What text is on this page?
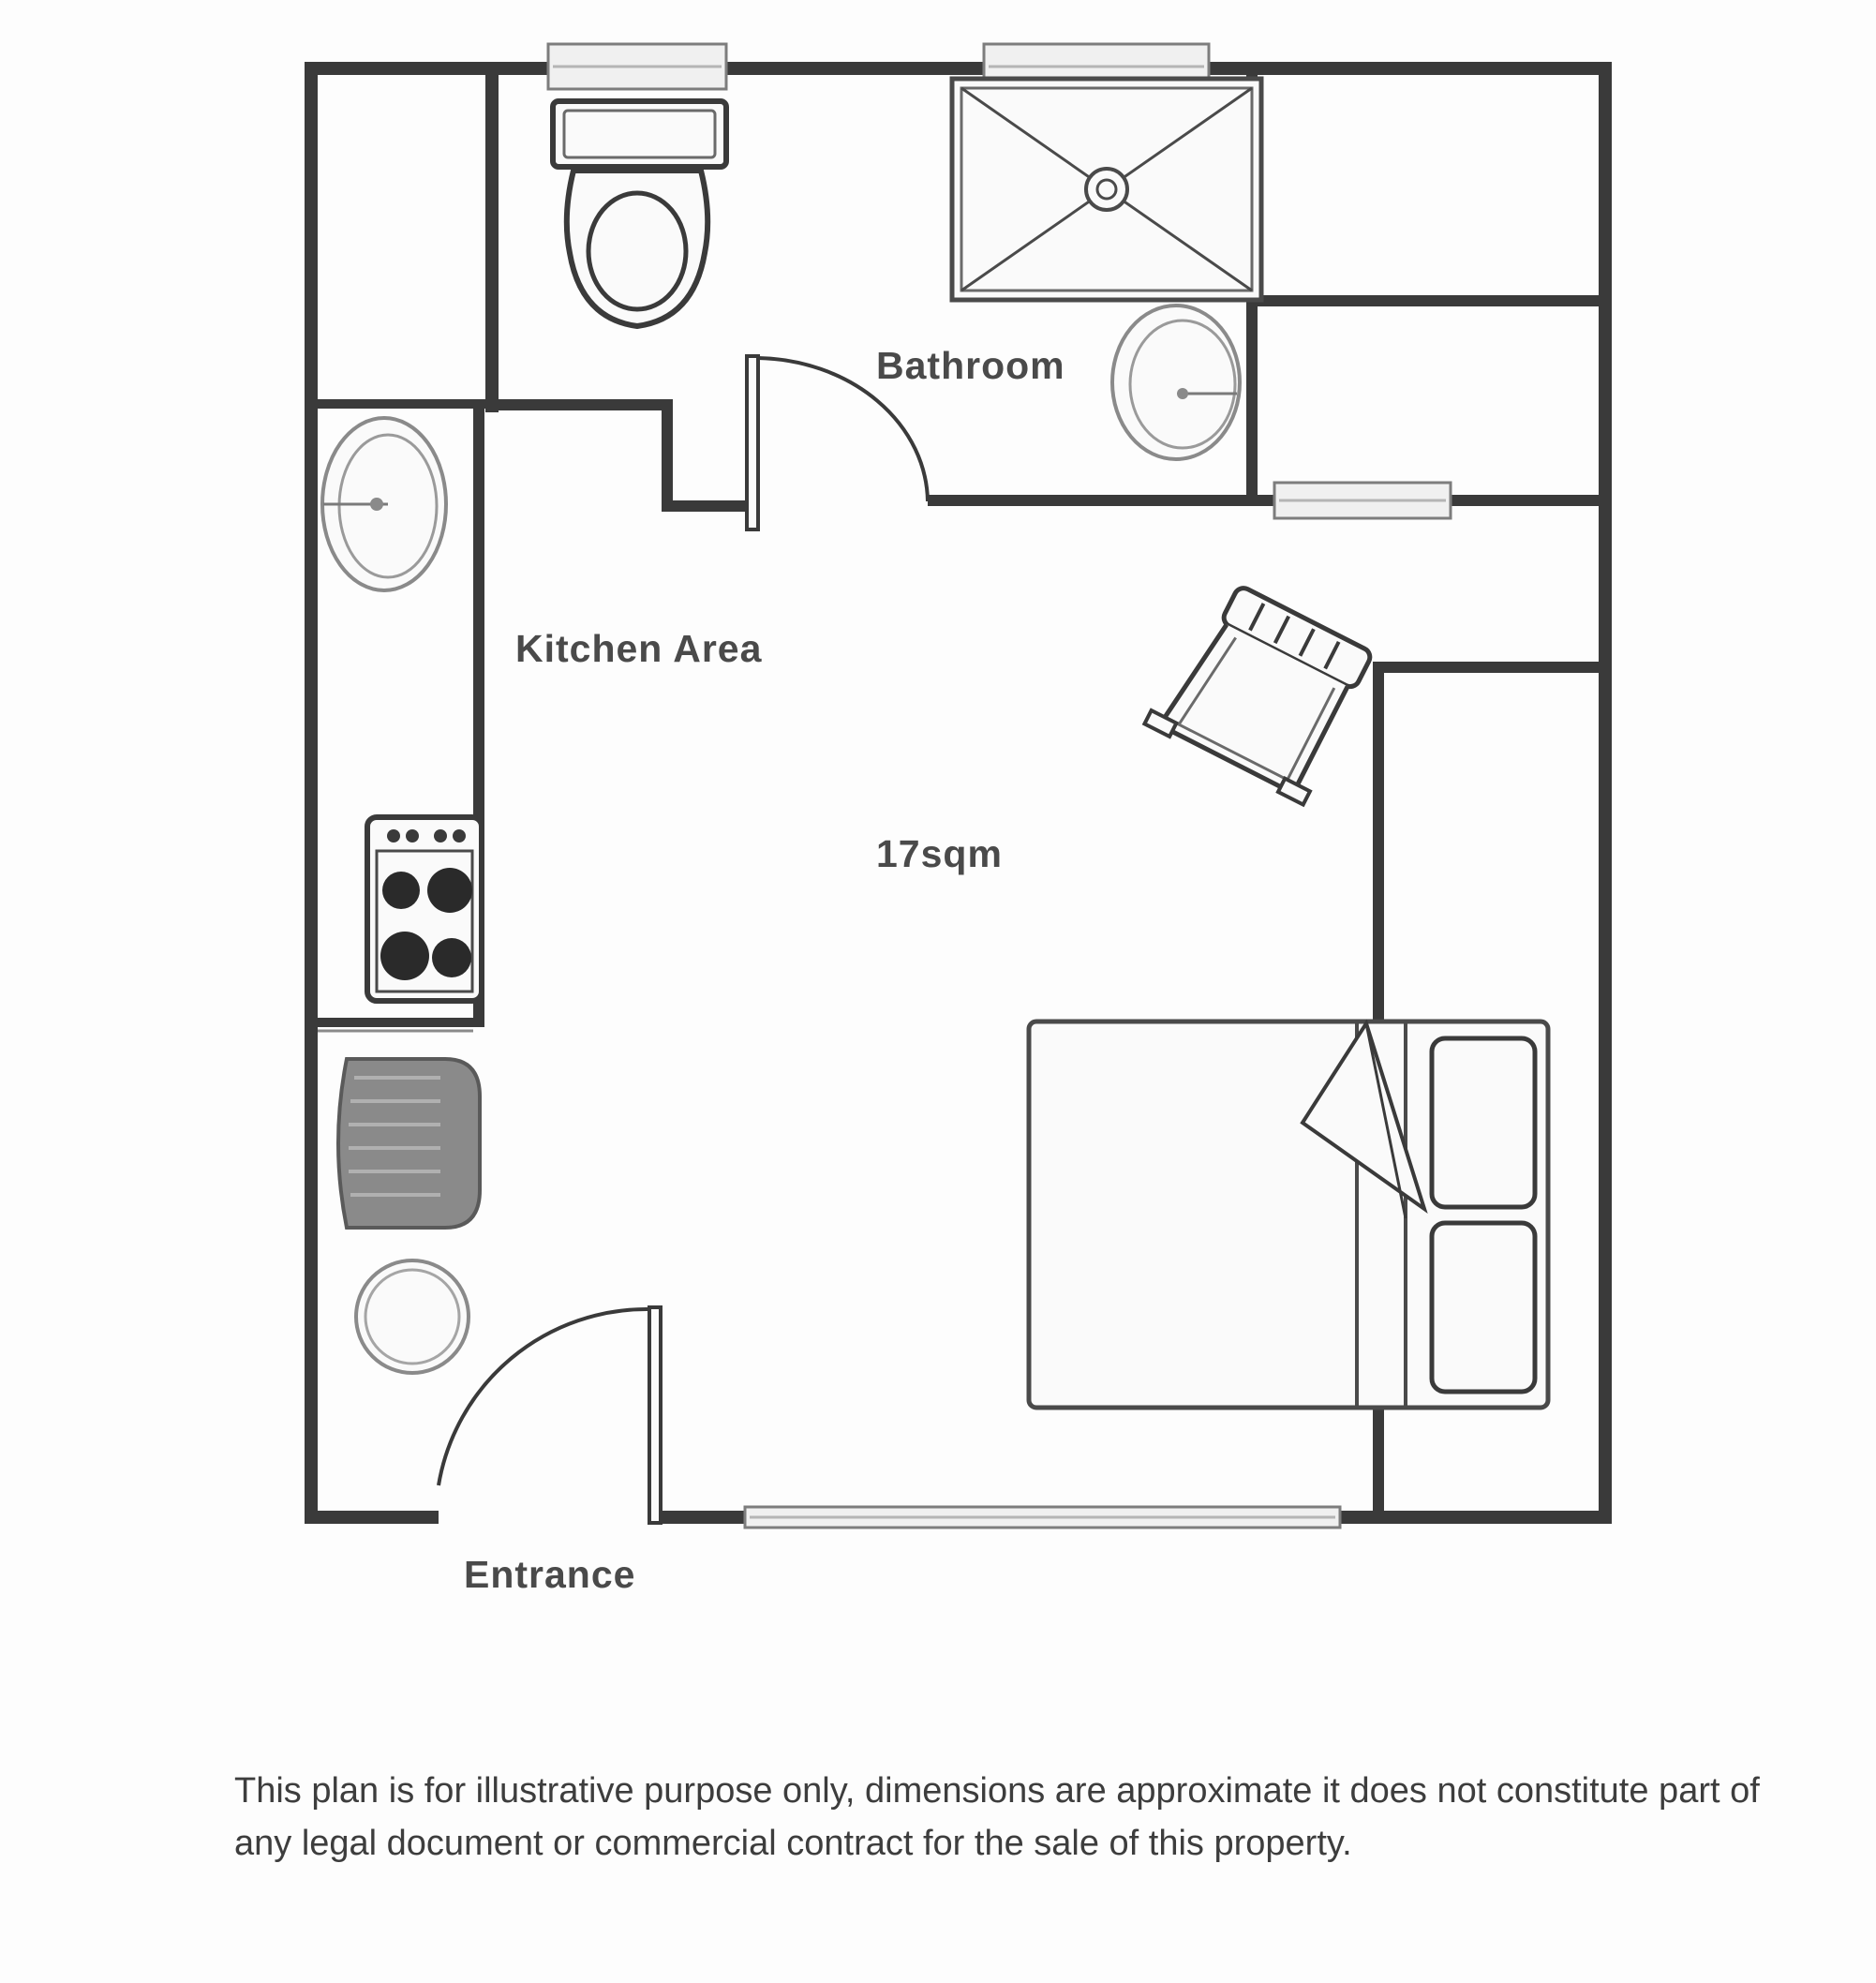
Bathroom
Kitchen Area
17sqm
Entrance

This plan is for illustrative purpose only, dimensions are approximate it does not constitute part of any legal document or commercial contract for the sale of this property.
